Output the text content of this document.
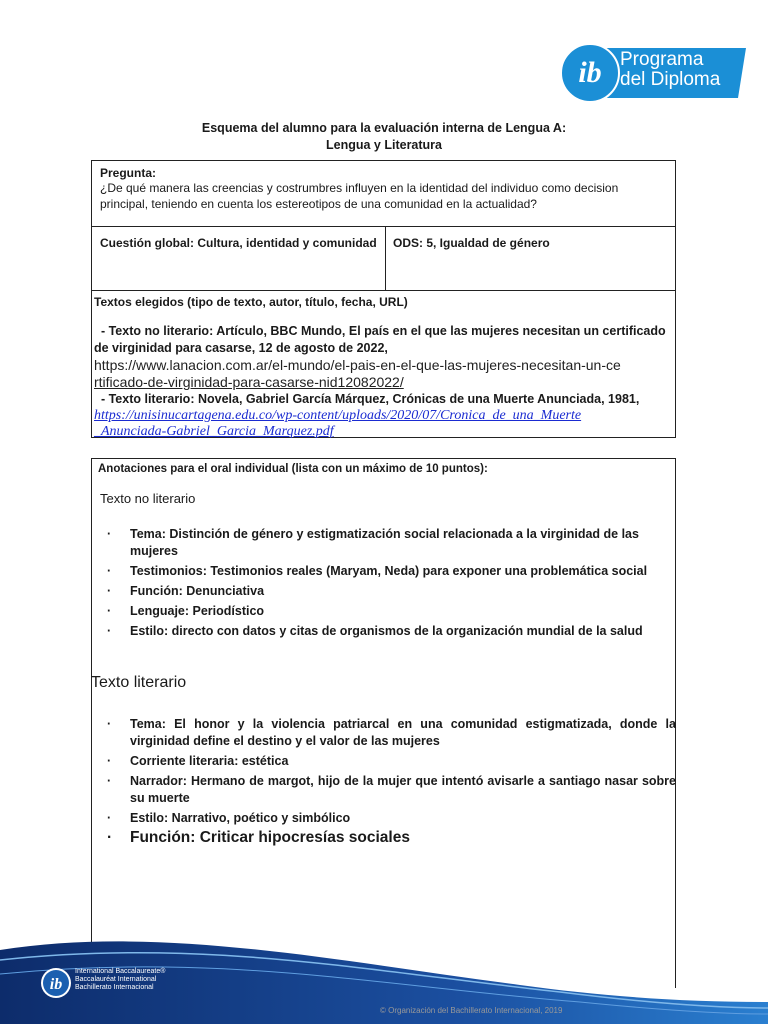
ib Programa
del Diploma
Esquema del alumno para la evaluación interna de Lengua A:
Lengua y Literatura
Pregunta:
¿De qué manera las creencias y costrumbres influyen en la identidad del individuo como decision principal, teniendo en cuenta los estereotipos de una comunidad en la actualidad?
Cuestión global: Cultura, identidad y comunidad ODS: 5, Igualdad de género
Textos elegidos (tipo de texto, autor, título, fecha, URL)
- Texto no literario: Artículo, BBC Mundo, El país en el que las mujeres necesitan un certificado de virginidad para casarse, 12 de agosto de 2022,
https://www.lanacion.com.ar/el-mundo/el-pais-en-el-que-las-mujeres-necesitan-un-ce
rtificado-de-virginidad-para-casarse-nid12082022/
- Texto literario: Novela, Gabriel García Márquez, Crónicas de una Muerte Anunciada, 1981,
https://unisinucartagena.edu.co/wp-content/uploads/2020/07/Cronica_de_una_Muerte
_Anunciada-Gabriel_Garcia_Marquez.pdf
Anotaciones para el oral individual (lista con un máximo de 10 puntos):
Texto no literario
· Tema: Distinción de género y estigmatización social relacionada a la virginidad de las mujeres
· Testimonios: Testimonios reales (Maryam, Neda) para exponer una problemática social
· Función: Denunciativa
· Lenguaje: Periodístico
· Estilo: directo con datos y citas de organismos de la organización mundial de la salud
Texto literario
· Tema: El honor y la violencia patriarcal en una comunidad estigmatizada, donde la virginidad define el destino y el valor de las mujeres
· Corriente literaria: estética
· Narrador: Hermano de margot, hijo de la mujer que intentó avisarle a santiago nasar sobre su muerte
· Estilo: Narrativo, poético y simbólico
· Función: Criticar hipocresías sociales
ib
International Baccalaureate®
Baccalauréat International
Bachillerato Internacional
© Organización del Bachillerato Internacional, 2019
